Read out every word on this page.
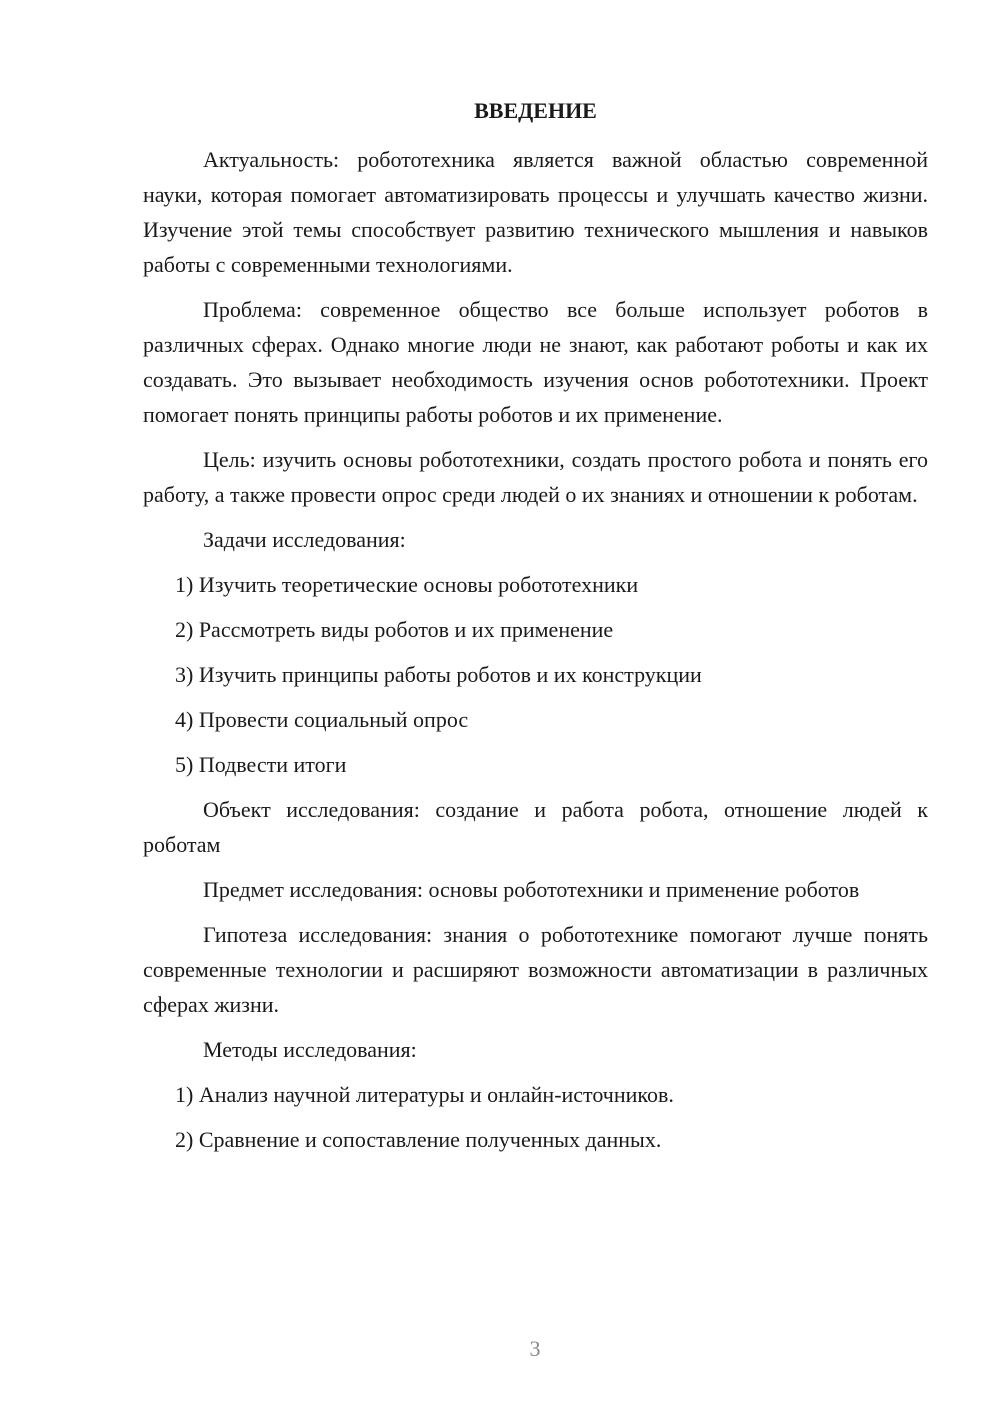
ВВЕДЕНИЕ

Актуальность: робототехника является важной областью современной науки, которая помогает автоматизировать процессы и улучшать качество жизни. Изучение этой темы способствует развитию технического мышления и навыков работы с современными технологиями.

Проблема: современное общество все больше использует роботов в различных сферах. Однако многие люди не знают, как работают роботы и как их создавать. Это вызывает необходимость изучения основ робототехники. Проект помогает понять принципы работы роботов и их применение.

Цель: изучить основы робототехники, создать простого робота и понять его работу, а также провести опрос среди людей о их знаниях и отношении к роботам.

Задачи исследования:

1) Изучить теоретические основы робототехники
2) Рассмотреть виды роботов и их применение
3) Изучить принципы работы роботов и их конструкции
4) Провести социальный опрос
5) Подвести итоги

Объект исследования: создание и работа робота, отношение людей к роботам

Предмет исследования: основы робототехники и применение роботов

Гипотеза исследования: знания о робототехнике помогают лучше понять современные технологии и расширяют возможности автоматизации в различных сферах жизни.

Методы исследования:

1) Анализ научной литературы и онлайн-источников.
2) Сравнение и сопоставление полученных данных.
3
